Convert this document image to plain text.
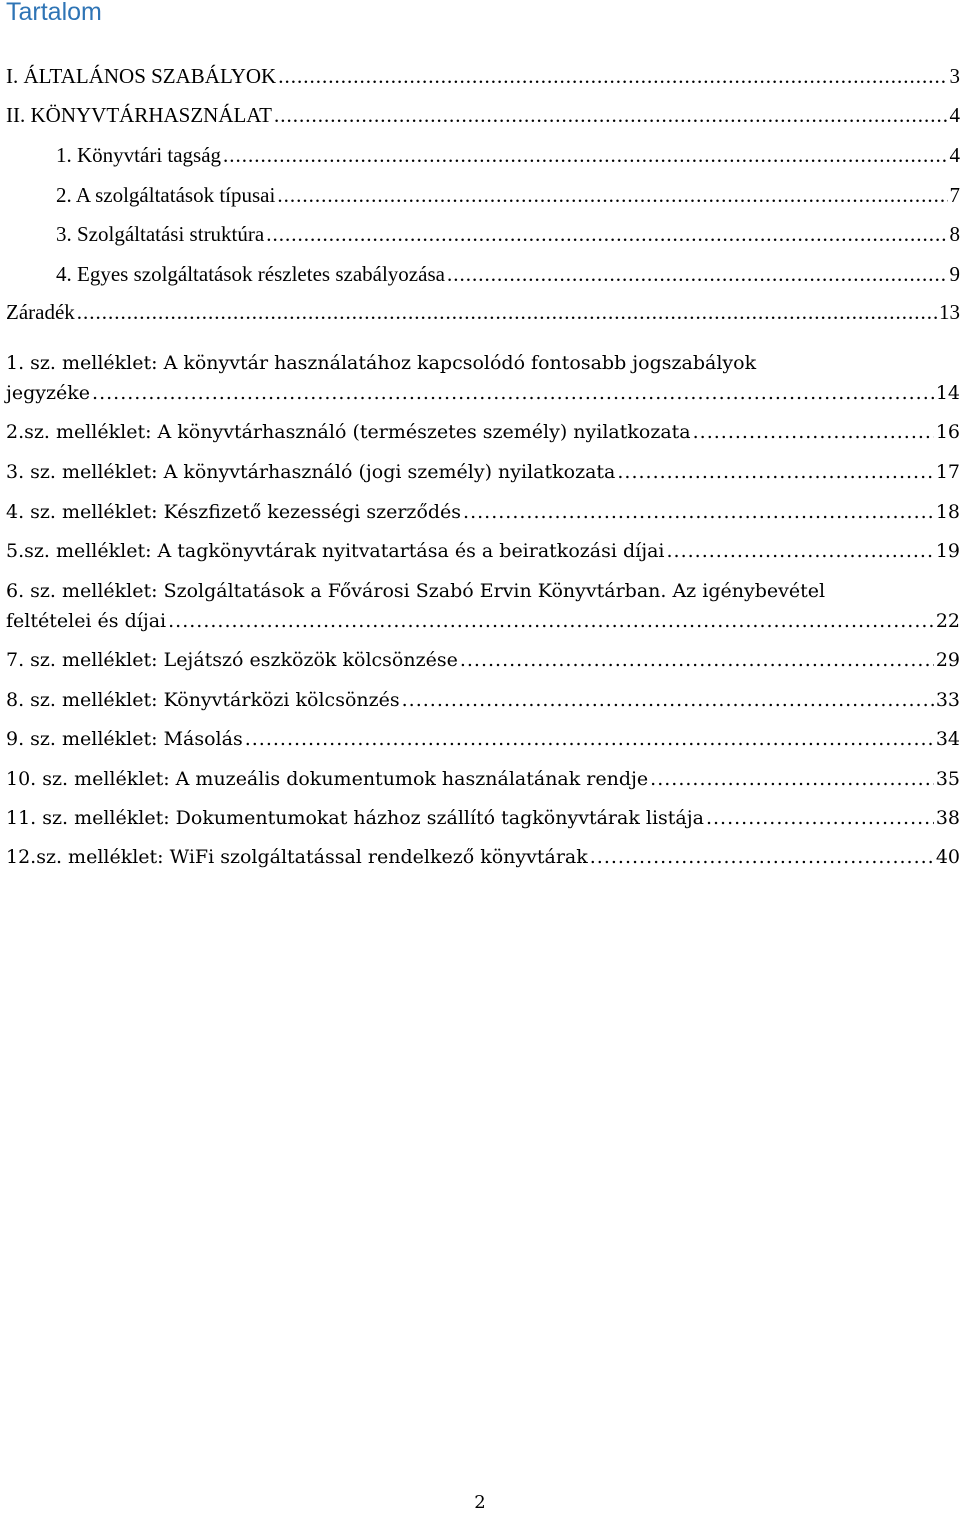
Tartalom
I. ÁLTALÁNOS SZABÁLYOK .....	3
II. KÖNYVTÁRHASZNÁLAT .....	4
1. Könyvtári tagság .....	4
2. A szolgáltatások típusai .....	7
3. Szolgáltatási struktúra .....	8
4. Egyes szolgáltatások részletes szabályozása .....	9
Záradék .....	13
1. sz. melléklet: A könyvtár használatához kapcsolódó fontosabb jogszabályok
jegyzéke .....	14
2.sz. melléklet: A könyvtárhasználó (természetes személy) nyilatkozata .....	16
3. sz. melléklet: A könyvtárhasználó (jogi személy) nyilatkozata .....	17
4. sz. melléklet: Készfizető kezességi szerződés .....	18
5.sz. melléklet: A tagkönyvtárak nyitvatartása és a beiratkozási díjai .....	19
6. sz. melléklet: Szolgáltatások a Fővárosi Szabó Ervin Könyvtárban. Az igénybevétel
feltételei és díjai .....	22
7. sz. melléklet: Lejátszó eszközök kölcsönzése .....	29
8. sz. melléklet: Könyvtárközi kölcsönzés .....	33
9. sz. melléklet: Másolás .....	34
10. sz. melléklet: A muzeális dokumentumok használatának rendje .....	35
11. sz. melléklet: Dokumentumokat házhoz szállító tagkönyvtárak listája .....	38
12.sz. melléklet: WiFi szolgáltatással rendelkező könyvtárak .....	40
2
